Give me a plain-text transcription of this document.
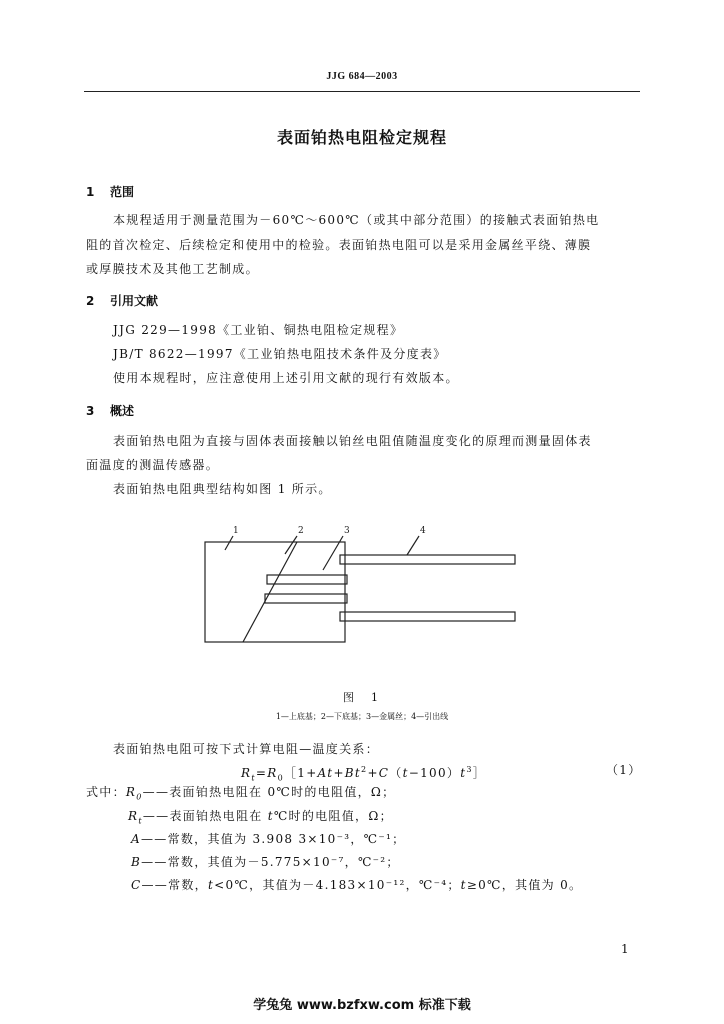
JJG 684—2003
表面铂热电阻检定规程
1 范围
本规程适用于测量范围为－60℃～600℃（或其中部分范围）的接触式表面铂热电
阻的首次检定、后续检定和使用中的检验。表面铂热电阻可以是采用金属丝平绕、薄膜
或厚膜技术及其他工艺制成。
2 引用文献
JJG 229—1998《工业铂、铜热电阻检定规程》
JB/T 8622—1997《工业铂热电阻技术条件及分度表》
使用本规程时，应注意使用上述引用文献的现行有效版本。
3 概述
表面铂热电阻为直接与固体表面接触以铂丝电阻值随温度变化的原理而测量固体表
面温度的测温传感器。
表面铂热电阻典型结构如图 1 所示。
1	2	3	4
图　1
1—上底基；2—下底基；3—金属丝；4—引出线
表面铂热电阻可按下式计算电阻—温度关系：
$R_t=R_0[1+At+Bt^2+C(t-100)t^3]$	（1）
式中：$R_0——$表面铂热电阻在 0℃时的电阻值，Ω；
$R_t——$表面铂热电阻在 t℃时的电阻值，Ω；
A——常数，其值为 3.908 3×10⁻³，℃⁻¹；
B——常数，其值为－5.775×10⁻⁷，℃⁻²；
C——常数，t<0℃，其值为－4.183×10⁻¹²，℃⁻⁴；t≥0℃，其值为 0。
1
学兔兔 www.bzfxw.com 标准下载
